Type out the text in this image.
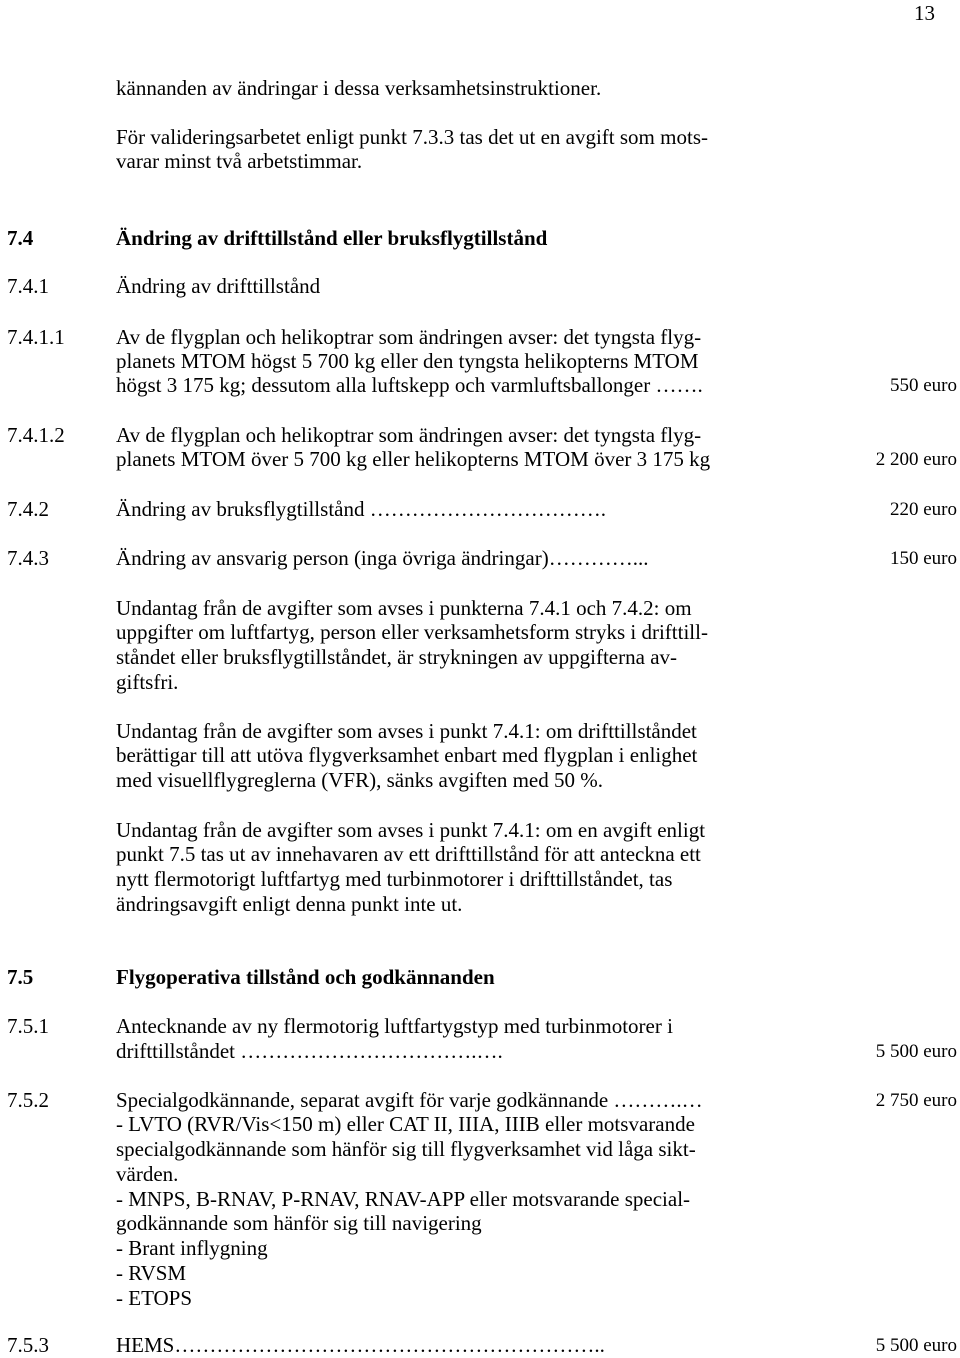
13
kännanden av ändringar i dessa verksamhetsinstruktioner.
För valideringsarbetet enligt punkt 7.3.3 tas det ut en avgift som mots-
varar minst två arbetstimmar.
7.4	Ändring av drifttillstånd eller bruksflygtillstånd
7.4.1	Ändring av drifttillstånd
7.4.1.1 Av de flygplan och helikoptrar som ändringen avser: det tyngsta flyg-
planets MTOM högst 5 700 kg eller den tyngsta helikopterns MTOM
högst 3 175 kg; dessutom alla luftskepp och varmluftsballonger …….	550 euro
7.4.1.2 Av de flygplan och helikoptrar som ändringen avser: det tyngsta flyg-
planets MTOM över 5 700 kg eller helikopterns MTOM över 3 175 kg	2 200 euro
7.4.2	Ändring av bruksflygtillstånd …………………………….	220 euro
7.4.3	Ändring av ansvarig person (inga övriga ändringar)…………...	150 euro
Undantag från de avgifter som avses i punkterna 7.4.1 och 7.4.2: om
uppgifter om luftfartyg, person eller verksamhetsform stryks i drifttill-
ståndet eller bruksflygtillståndet, är strykningen av uppgifterna av-
giftsfri.
Undantag från de avgifter som avses i punkt 7.4.1: om drifttillståndet
berättigar till att utöva flygverksamhet enbart med flygplan i enlighet
med visuellflygreglerna (VFR), sänks avgiften med 50 %.
Undantag från de avgifter som avses i punkt 7.4.1: om en avgift enligt
punkt 7.5 tas ut av innehavaren av ett drifttillstånd för att anteckna ett
nytt flermotorigt luftfartyg med turbinmotorer i drifttillståndet, tas
ändringsavgift enligt denna punkt inte ut.
7.5	Flygoperativa tillstånd och godkännanden
7.5.1	Antecknande av ny flermotorig luftfartygstyp med turbinmotorer i
drifttillståndet …………………………….….	5 500 euro
7.5.2	Specialgodkännande, separat avgift för varje godkännande ……….…	2 750 euro
- LVTO (RVR/Vis<150 m) eller CAT II, IIIA, IIIB eller motsvarande
specialgodkännande som hänför sig till flygverksamhet vid låga sikt-
värden.
- MNPS, B-RNAV, P-RNAV, RNAV-APP eller motsvarande special-
godkännande som hänför sig till navigering
- Brant inflygning
- RVSM
- ETOPS
7.5.3	HEMS……………………………………………………..	5 500 euro
